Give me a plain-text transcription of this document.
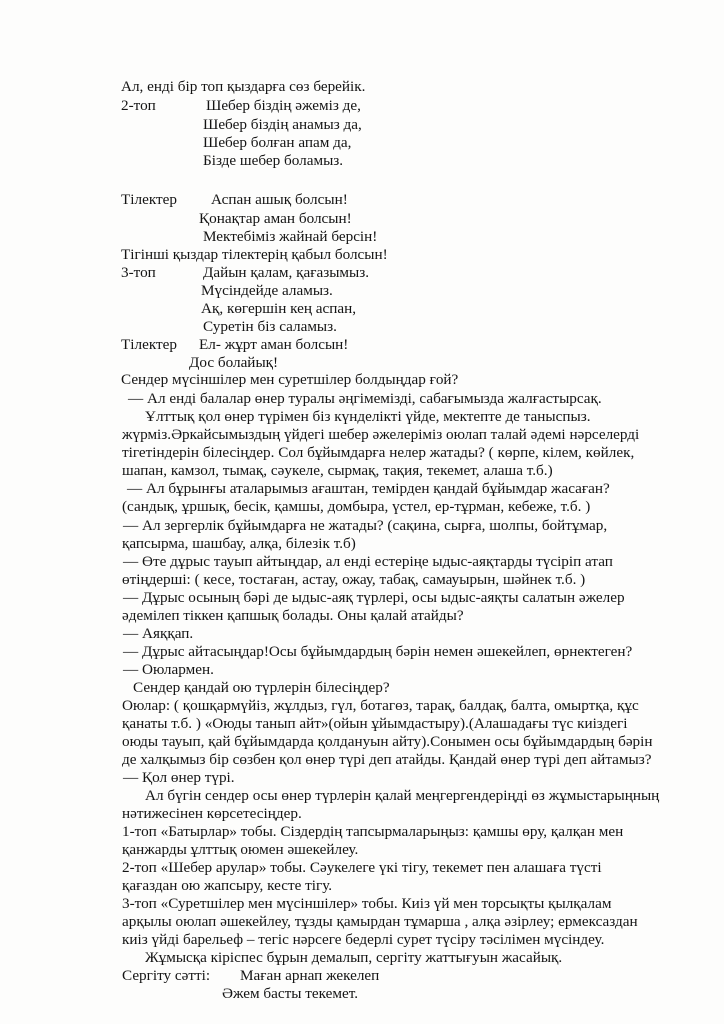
Ал, енді бір топ қыздарға сөз берейік.
2-топ	Шебер біздің әжеміз де,
Шебер біздің анамыз да,
Шебер болған апам да,
Бізде шебер боламыз.
Тілектер Аспан ашық болсын!
Қонақтар аман болсын!
Мектебіміз жайнай берсін!
Тігінші қыздар тілектерің қабыл болсын!
3-топ	Дайын қалам, қағазымыз.
Мүсіндейде аламыз.
Ақ, көгершін кең аспан,
Суретін біз саламыз.
Тілектер Ел- жұрт аман болсын!
Дос болайық!
Сендер мүсіншілер мен суретшілер болдыңдар ғой?
— Ал енді балалар өнер туралы әңгімемізді, сабағымызда жалғастырсақ.
Ұлттық қол өнер түрімен біз күнделікті үйде, мектепте де таныспыз.
жүрміз.Әркайсымыздың үйдегі шебер әжелеріміз оюлап талай әдемі нәрселерді
тігетіндерін білесіңдер. Сол бұйымдарға нелер жатады? ( көрпе, кілем, көйлек,
шапан, камзол, тымақ, сәукеле, сырмақ, тақия, текемет, алаша т.б.)
— Ал бұрынғы аталарымыз ағаштан, темірден қандай бұйымдар жасаған?
(сандық, ұршық, бесік, қамшы, домбыра, үстел, ер-тұрман, кебеже, т.б. )
— Ал зергерлік бұйымдарға не жатады? (сақина, сырға, шолпы, бойтұмар,
қапсырма, шашбау, алқа, білезік т.б)
— Өте дұрыс тауып айтыңдар, ал енді естеріңе ыдыс-аяқтарды түсіріп атап
өтіңдерші: ( кесе, тостаған, астау, ожау, табақ, самауырын, шәйнек т.б. )
— Дұрыс осының бәрі де ыдыс-аяқ түрлері, осы ыдыс-аяқты салатын әжелер
әдемілеп тіккен қапшық болады. Оны қалай атайды?
— Аяққап.
— Дұрыс айтасыңдар!Осы бұйымдардың бәрін немен әшекейлеп, өрнектеген?
— Оюлармен.
Сендер қандай ою түрлерін білесіңдер?
Оюлар: ( қошқармүйіз, жұлдыз, гүл, ботагөз, тарақ, балдақ, балта, омыртқа, құс
қанаты т.б. ) «Оюды танып айт»(ойын ұйымдастыру).(Алашадағы түс киіздегі
оюды тауып, қай бұйымдарда қолдануын айту).Сонымен осы бұйымдардың бәрін
де халқымыз бір сөзбен қол өнер түрі деп атайды. Қандай өнер түрі деп айтамыз?
— Қол өнер түрі.
Ал бүгін сендер осы өнер түрлерін қалай меңгергендеріңді өз жұмыстарыңның
нәтижесінен көрсетесіңдер.
1-топ «Батырлар» тобы. Сіздердің тапсырмаларыңыз: қамшы өру, қалқан мен
қанжарды ұлттық оюмен әшекейлеу.
2-топ «Шебер арулар» тобы. Сәукелеге үкі тігу, текемет пен алашаға түсті
қағаздан ою жапсыру, кесте тігу.
3-топ «Суретшілер мен мүсіншілер» тобы. Киіз үй мен торсықты қылқалам
арқылы оюлап әшекейлеу, тұзды қамырдан тұмарша , алқа әзірлеу; ермексаздан
киіз үйді барельеф – тегіс нәрсеге бедерлі сурет түсіру тәсілімен мүсіндеу.
Жұмысқа кіріспес бұрын демалып, сергіту жаттығуын жасайық.
Сергіту сәтті: Маған арнап жекелеп
Әжем басты текемет.
